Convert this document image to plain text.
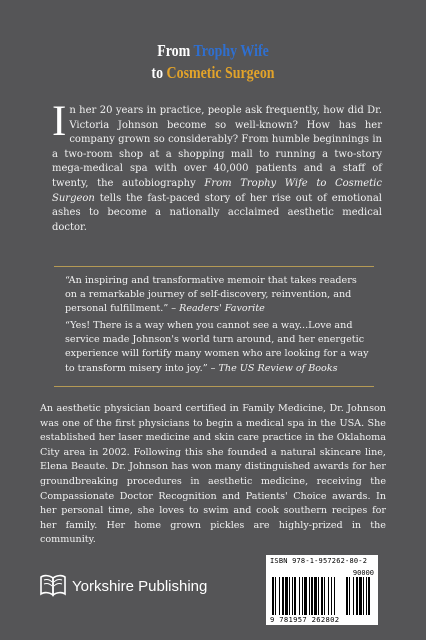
From Trophy Wife
to Cosmetic Surgeon
In her 20 years in practice, people ask frequently, how did Dr. Victoria Johnson become so well-known? How has her company grown so considerably? From humble beginnings in a two-room shop at a shopping mall to running a two-story mega-medical spa with over 40,000 patients and a staff of twenty, the autobiography From Trophy Wife to Cosmetic Surgeon tells the fast-paced story of her rise out of emotional ashes to become a nationally acclaimed aesthetic medical doctor.
“An inspiring and transformative memoir that takes readers on a remarkable journey of self-discovery, reinvention, and personal fulfillment.” – Readers' Favorite
“Yes! There is a way when you cannot see a way...Love and service made Johnson's world turn around, and her energetic experience will fortify many women who are looking for a way to transform misery into joy.” – The US Review of Books
An aesthetic physician board certified in Family Medicine, Dr. Johnson was one of the first physicians to begin a medical spa in the USA. She established her laser medicine and skin care practice in the Oklahoma City area in 2002. Following this she founded a natural skincare line, Elena Beaute. Dr. Johnson has won many distinguished awards for her groundbreaking procedures in aesthetic medicine, receiving the Compassionate Doctor Recognition and Patients' Choice awards. In her personal time, she loves to swim and cook southern recipes for her family. Her home grown pickles are highly-prized in the community.
Yorkshire Publishing
ISBN 978-1-957262-80-2
90000
9 781957 262802
